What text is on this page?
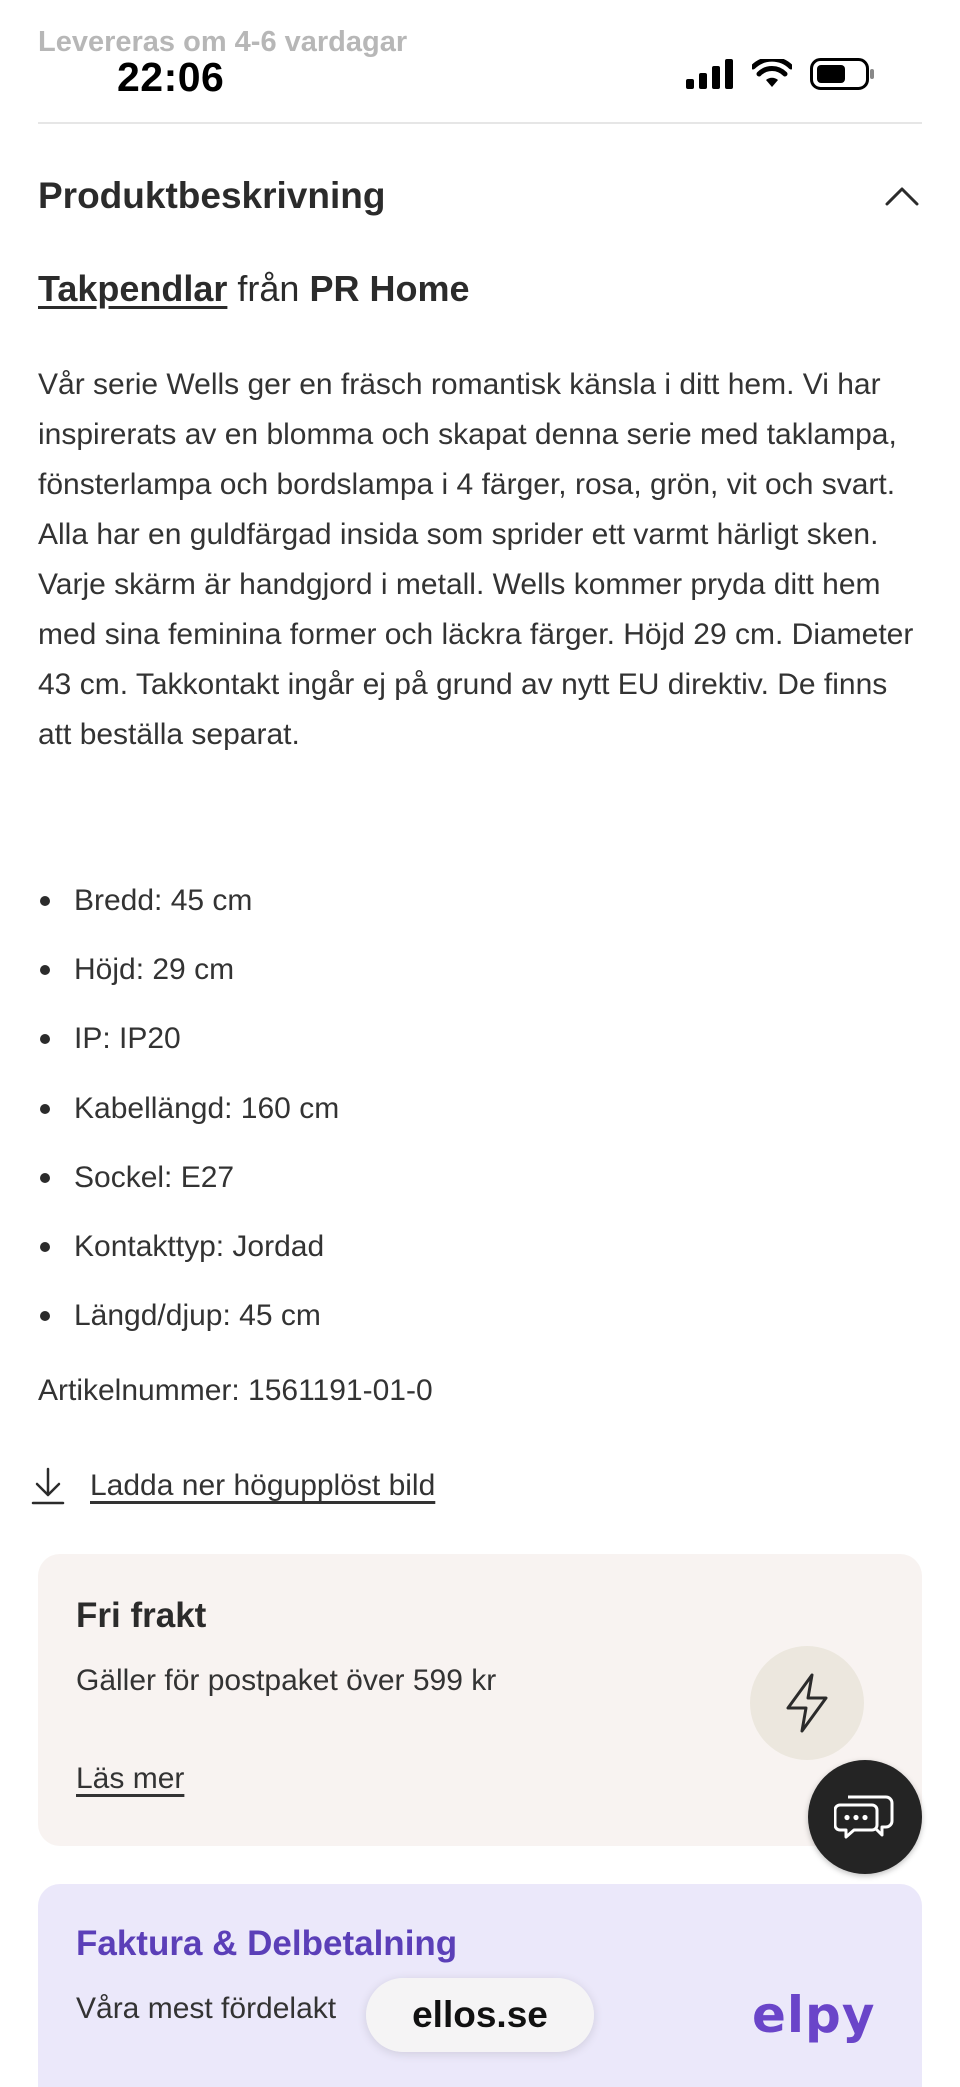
Levereras om 4-6 vardagar
22:06
Produktbeskrivning
Takpendlar från PR Home

Vår serie Wells ger en fräsch romantisk känsla i ditt hem. Vi har inspirerats av en blomma och skapat denna serie med taklampa, fönsterlampa och bordslampa i 4 färger, rosa, grön, vit och svart. Alla har en guldfärgad insida som sprider ett varmt härligt sken. Varje skärm är handgjord i metall. Wells kommer pryda ditt hem med sina feminina former och läckra färger. Höjd 29 cm. Diameter 43 cm. Takkontakt ingår ej på grund av nytt EU direktiv. De finns att beställa separat.

Bredd: 45 cm
Höjd: 29 cm
IP: IP20
Kabellängd: 160 cm
Sockel: E27
Kontakttyp: Jordad
Längd/djup: 45 cm
Artikelnummer: 1561191-01-0
Ladda ner högupplöst bild
Fri frakt
Gäller för postpaket över 599 kr
Läs mer
Faktura & Delbetalning
Våra mest fördelakt	elpy
ellos.se
